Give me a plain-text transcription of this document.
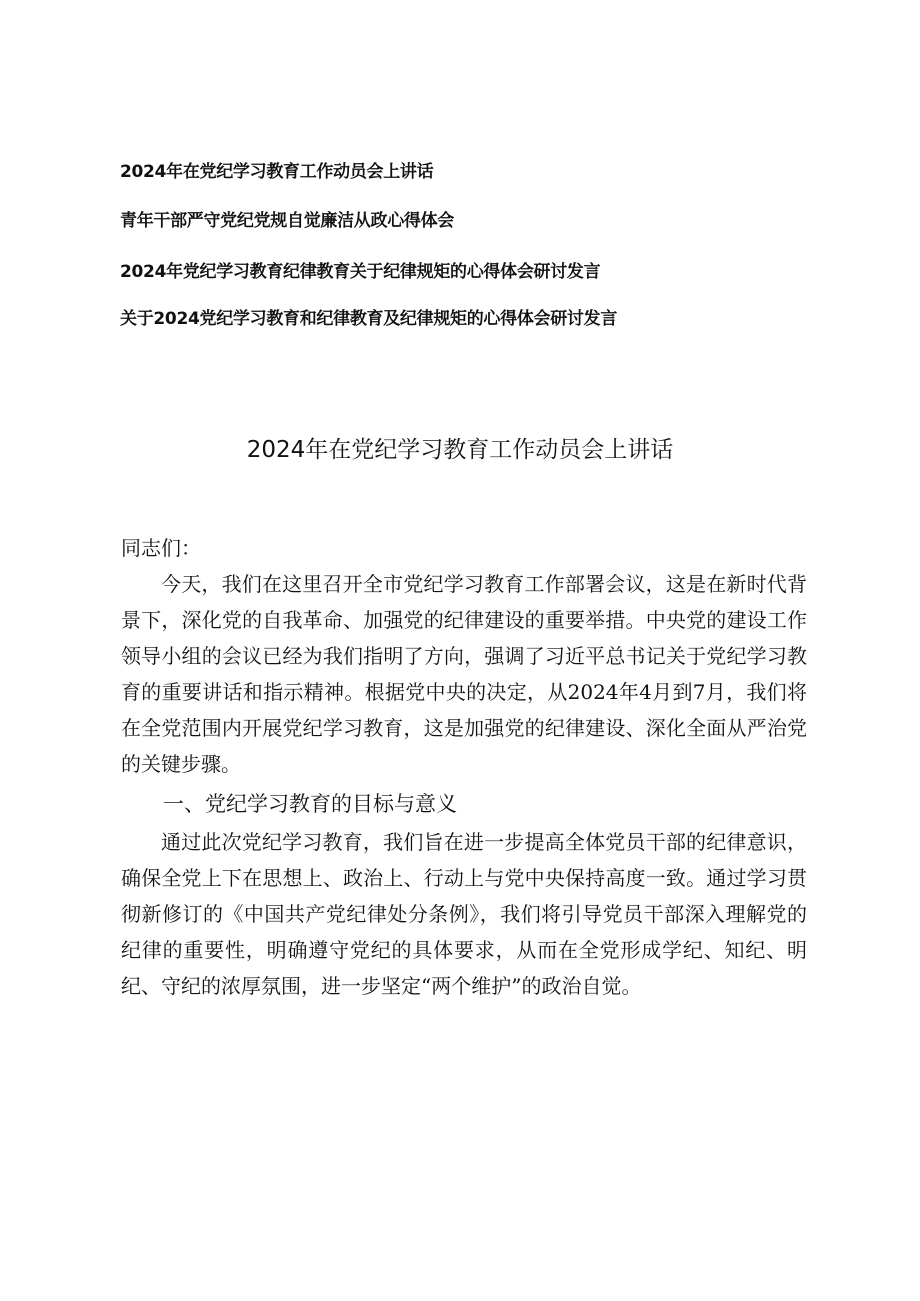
2024年在党纪学习教育工作动员会上讲话
青年干部严守党纪党规自觉廉洁从政心得体会
2024年党纪学习教育纪律教育关于纪律规矩的心得体会研讨发言
关于2024党纪学习教育和纪律教育及纪律规矩的心得体会研讨发言
2024年在党纪学习教育工作动员会上讲话
同志们：

今天，我们在这里召开全市党纪学习教育工作部署会议，这是在新时代背景下，深化党的自我革命、加强党的纪律建设的重要举措。中央党的建设工作领导小组的会议已经为我们指明了方向，强调了习近平总书记关于党纪学习教育的重要讲话和指示精神。根据党中央的决定，从2024年4月到7月，我们将在全党范围内开展党纪学习教育，这是加强党的纪律建设、深化全面从严治党的关键步骤。

一、党纪学习教育的目标与意义

通过此次党纪学习教育，我们旨在进一步提高全体党员干部的纪律意识，确保全党上下在思想上、政治上、行动上与党中央保持高度一致。通过学习贯彻新修订的《中国共产党纪律处分条例》，我们将引导党员干部深入理解党的纪律的重要性，明确遵守党纪的具体要求，从而在全党形成学纪、知纪、明纪、守纪的浓厚氛围，进一步坚定“两个维护”的政治自觉。
